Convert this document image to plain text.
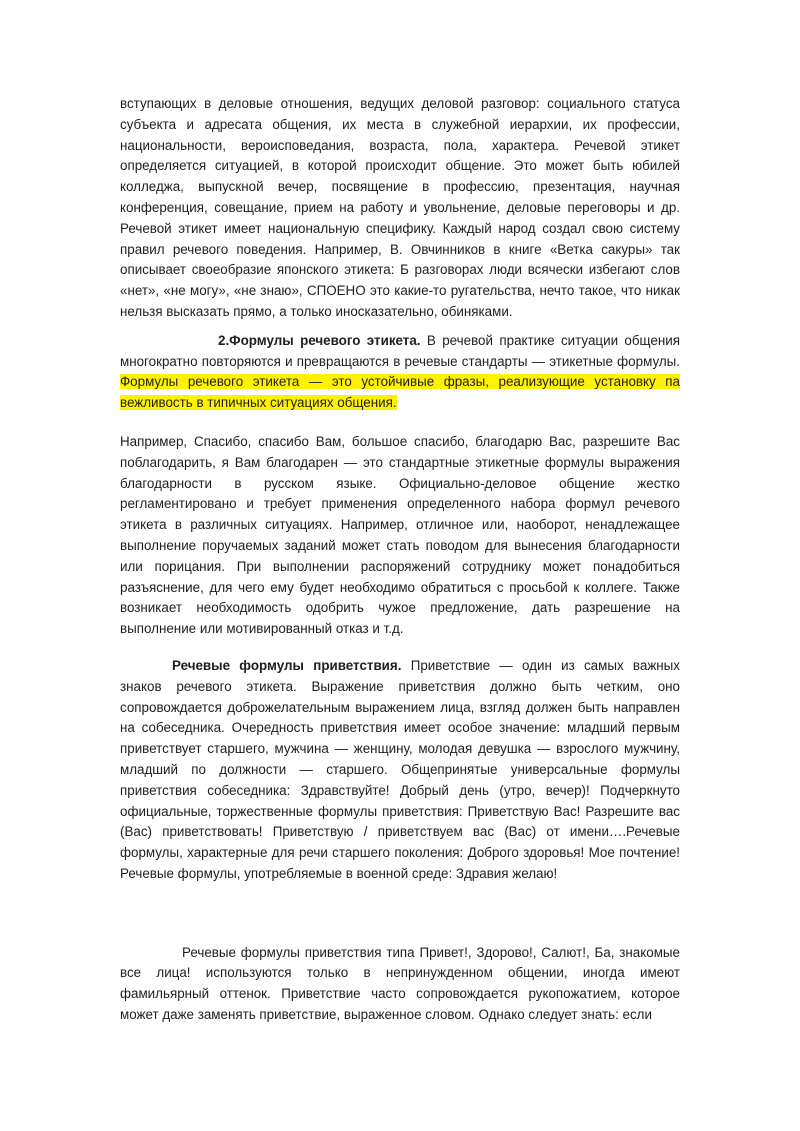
вступающих в деловые отношения, ведущих деловой разговор: социального статуса субъекта и адресата общения, их места в служебной иерархии, их профессии, национальности, вероисповедания, возраста, пола, характера. Речевой этикет определяется ситуацией, в которой происходит общение. Это может быть юбилей колледжа, выпускной вечер, посвящение в профессию, презентация, научная конференция, совещание, прием на работу и увольнение, деловые переговоры и др. Речевой этикет имеет национальную специфику. Каждый народ создал свою систему правил речевого поведения. Например, В. Овчинников в книге «Ветка сакуры» так описывает своеобразие японского этикета: Б разговорах люди всячески избегают слов «нет», «не могу», «не знаю», СПОЕНО это какие-то ругательства, нечто такое, что никак нельзя высказать прямо, а только иносказательно, обиняками.

2.Формулы речевого этикета. В речевой практике ситуации общения многократно повторяются и превращаются в речевые стандарты — этикетные формулы. Формулы речевого этикета — это устойчивые фразы, реализующие установку па вежливость в типичных ситуациях общения.

Например, Спасибо, спасибо Вам, большое спасибо, благодарю Вас, разрешите Вас поблагодарить, я Вам благодарен — это стандартные этикетные формулы выражения благодарности в русском языке. Официально-деловое общение жестко регламентировано и требует применения определенного набора формул речевого этикета в различных ситуациях. Например, отличное или, наоборот, ненадлежащее выполнение поручаемых заданий может стать поводом для вынесения благодарности или порицания. При выполнении распоряжений сотруднику может понадобиться разъяснение, для чего ему будет необходимо обратиться с просьбой к коллеге. Также возникает необходимость одобрить чужое предложение, дать разрешение на выполнение или мотивированный отказ и т.д.

Речевые формулы приветствия. Приветствие — один из самых важных знаков речевого этикета. Выражение приветствия должно быть четким, оно сопровождается доброжелательным выражением лица, взгляд должен быть направлен на собеседника. Очередность приветствия имеет особое значение: младший первым приветствует старшего, мужчина — женщину, молодая девушка — взрослого мужчину, младший по должности — старшего. Общепринятые универсальные формулы приветствия собеседника: Здравствуйте! Добрый день (утро, вечер)! Подчеркнуто официальные, торжественные формулы приветствия: Приветствую Вас! Разрешите вас (Вас) приветствовать! Приветствую / приветствуем вас (Вас) от имени….Речевые формулы, характерные для речи старшего поколения: Доброго здоровья! Мое почтение! Речевые формулы, употребляемые в военной среде: Здравия желаю!

Речевые формулы приветствия типа Привет!, Здорово!, Салют!, Ба, знакомые все лица! используются только в непринужденном общении, иногда имеют фамильярный оттенок. Приветствие часто сопровождается рукопожатием, которое может даже заменять приветствие, выраженное словом. Однако следует знать: если
